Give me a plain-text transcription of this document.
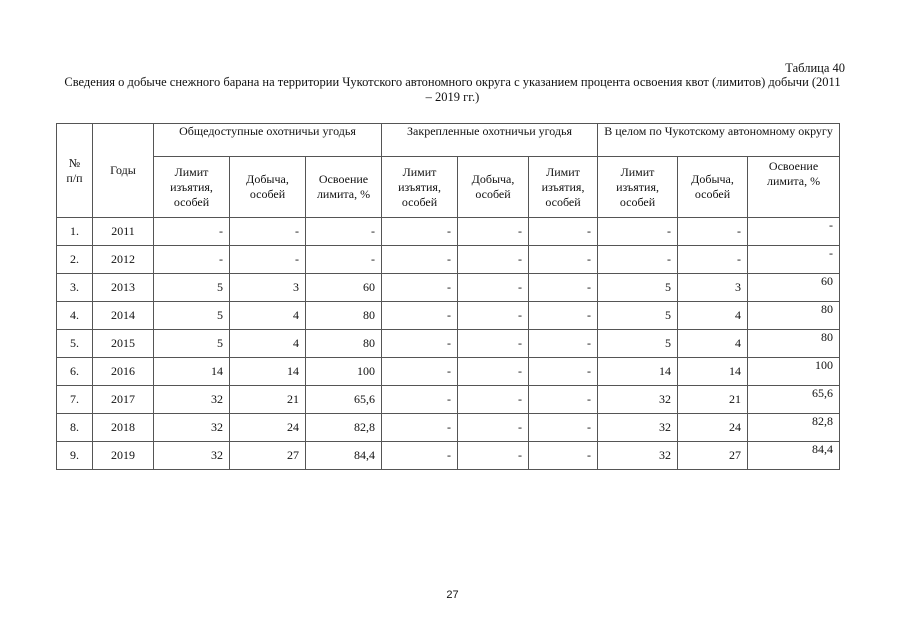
Таблица 40
Сведения о добыче снежного барана на территории Чукотского автономного округа с указанием процента освоения квот (лимитов) добычи (2011 – 2019 гг.)
№ п/п	Годы	Общедоступные охотничьи угодья			Закрепленные охотничьи угодья			В целом по Чукотскому автономному округу		
		Лимит изъятия, особей	Добыча, особей	Освоение лимита, %	Лимит изъятия, особей	Добыча, особей	Лимит изъятия, особей	Лимит изъятия, особей	Добыча, особей	Освоение лимита, %
1.	2011	-	-	-	-	-	-	-	-	-
2.	2012	-	-	-	-	-	-	-	-	-
3.	2013	5	3	60	-	-	-	5	3	60
4.	2014	5	4	80	-	-	-	5	4	80
5.	2015	5	4	80	-	-	-	5	4	80
6.	2016	14	14	100	-	-	-	14	14	100
7.	2017	32	21	65,6	-	-	-	32	21	65,6
8.	2018	32	24	82,8	-	-	-	32	24	82,8
9.	2019	32	27	84,4	-	-	-	32	27	84,4
27
